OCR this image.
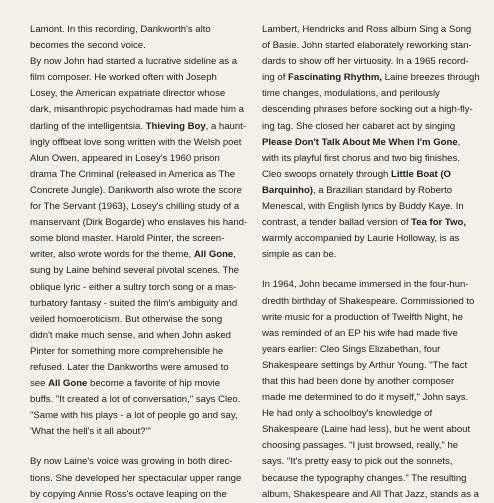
Lamont. In this recording, Dankworth's alto
becomes the second voice.

By now John had started a lucrative sideline as a
film composer. He worked often with Joseph
Losey, the American expatriate director whose
dark, misanthropic psychodramas had made him a
darling of the intelligentsia. Thieving Boy, a haunt-
ingly offbeat love song written with the Welsh poet
Alun Owen, appeared in Losey's 1960 prison
drama The Criminal (released in America as The
Concrete Jungle). Dankworth also wrote the score
for The Servant (1963), Losey's chilling study of a
manservant (Dirk Bogarde) who enslaves his hand-
some blond master. Harold Pinter, the screen-
writer, also wrote words for the theme, All Gone,
sung by Laine behind several pivotal scenes. The
oblique lyric - either a sultry torch song or a mas-
turbatory fantasy - suited the film's ambiguity and
veiled homoeroticism. But otherwise the song
didn't make much sense, and when John asked
Pinter for something more comprehensible he
refused. Later the Dankworths were amused to
see All Gone become a favorite of hip movie
buffs. "It created a lot of conversation," says Cleo.
"Same with his plays - a lot of people go and say,
'What the hell's it all about?'"

By now Laine's voice was growing in both direc-
tions. She developed her spectacular upper range
by copying Annie Ross's octave leaping on the

Lambert, Hendricks and Ross album Sing a Song
of Basie. John started elaborately reworking stan-
dards to show off her virtuosity. In a 1965 record-
ing of Fascinating Rhythm, Laine breezes through
time changes, modulations, and perilously
descending phrases before socking out a high-fly-
ing tag. She closed her cabaret act by singing
Please Don't Talk About Me When I'm Gone,
with its playful first chorus and two big finishes.
Cleo swoops ornately through Little Boat (O
Barquinho), a Brazilian standard by Roberto
Menescal, with English lyrics by Buddy Kaye. In
contrast, a tender ballad version of Tea for Two,
warmly accompanied by Laurie Holloway, is as
simple as can be.

In 1964, John became immersed in the four-hun-
dredth birthday of Shakespeare. Commissioned to
write music for a production of Twelfth Night, he
was reminded of an EP his wife had made five
years earlier: Cleo Sings Elizabethan, four
Shakespeare settings by Arthur Young. "The fact
that this had been done by another composer
made me determined to do it myself," John says.
He had only a schoolboy's knowledge of
Shakespeare (Laine had less), but he went about
choosing passages. "I just browsed, really," he
says. "It's pretty easy to pick out the sonnets,
because the typography changes." The resulting
album, Shakespeare and All That Jazz, stands as a
